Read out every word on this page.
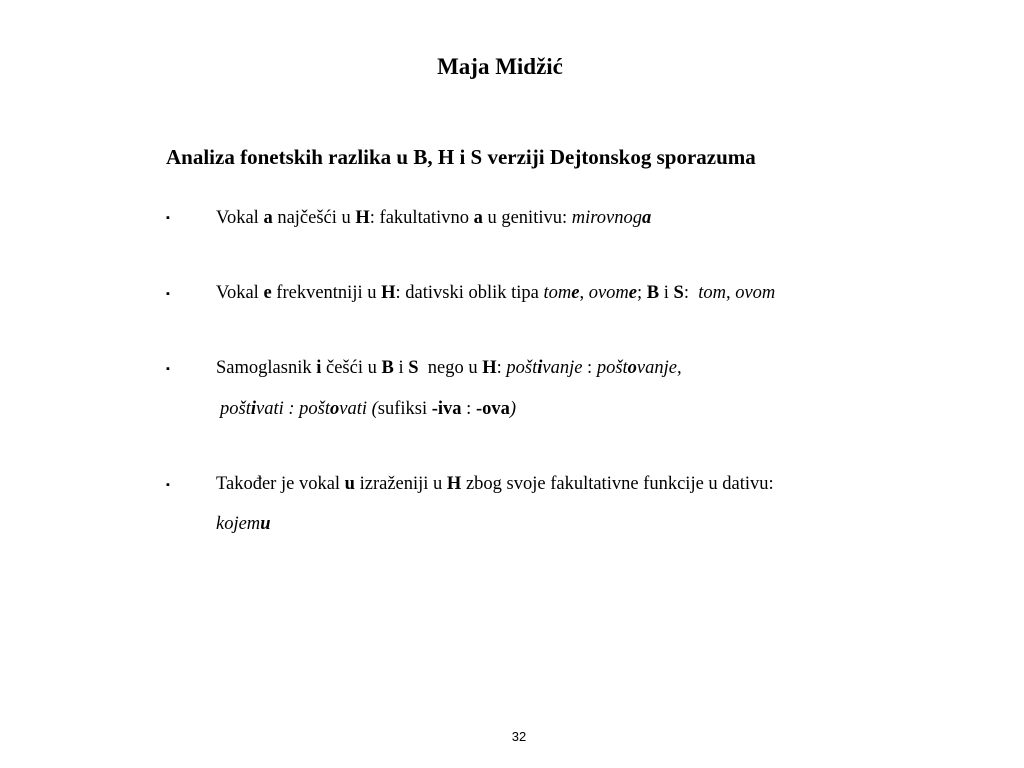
Maja Midžić
Analiza fonetskih razlika u B, H i S verziji Dejtonskog sporazuma
▪ Vokal a najčešći u H: fakultativno a u genitivu: mirovnoga
▪ Vokal e frekventniji u H: dativski oblik tipa tome, ovome; B i S:  tom, ovom
▪ Samoglasnik i češći u B i S  nego u H: poštivanje : poštovanje,
poštivati : poštovati (sufiksi -iva : -ova)
▪ Također je vokal u izraženiji u H zbog svoje fakultativne funkcije u dativu:
kojemu
32
